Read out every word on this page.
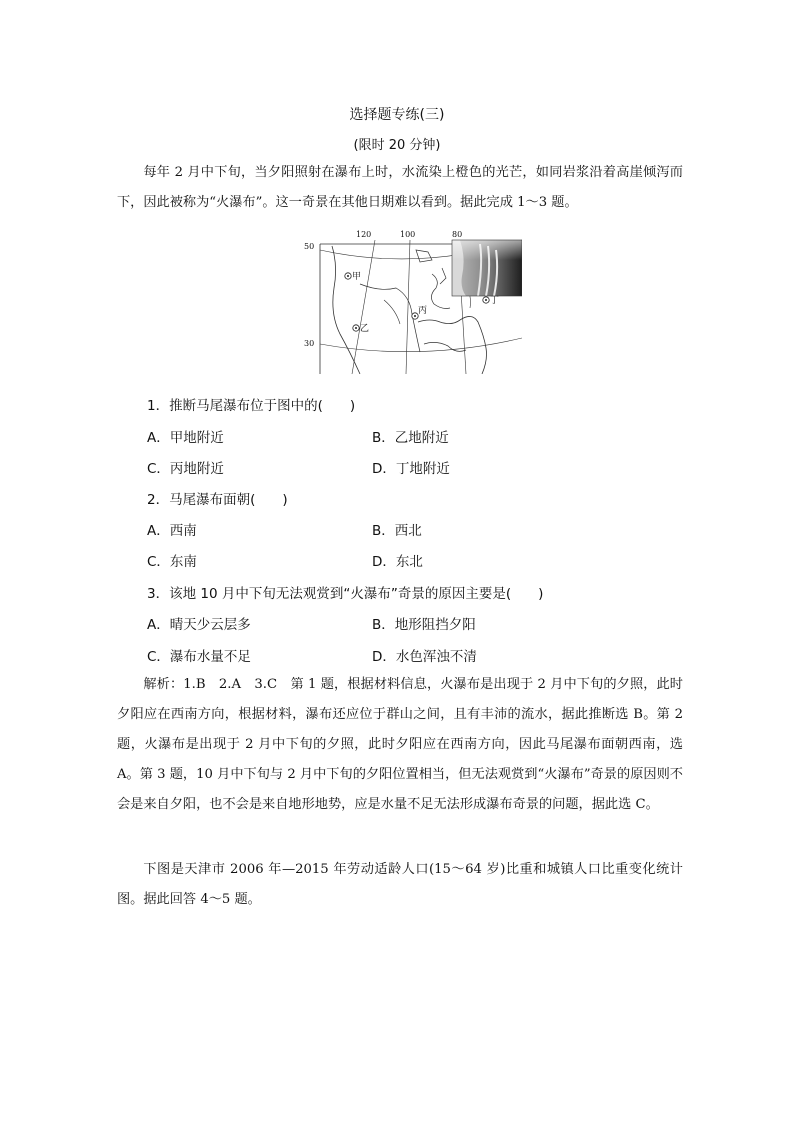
选择题专练(三)
(限时 20 分钟)

每年 2 月中下旬，当夕阳照射在瀑布上时，水流染上橙色的光芒，如同岩浆沿着高崖倾泻而下，因此被称为“火瀑布”。这一奇景在其他日期难以看到。据此完成 1～3 题。

甲
乙
丙
丁
50
30
120	100	80
1．推断马尾瀑布位于图中的(　　)
A．甲地附近	B．乙地附近
C．丙地附近	D．丁地附近
2．马尾瀑布面朝(　　)
A．西南	B．西北
C．东南	D．东北
3．该地 10 月中下旬无法观赏到“火瀑布”奇景的原因主要是(　　)
A．晴天少云层多	B．地形阻挡夕阳
C．瀑布水量不足	D．水色浑浊不清

解析：1.B　2.A　3.C　第 1 题，根据材料信息，火瀑布是出现于 2 月中下旬的夕照，此时夕阳应在西南方向，根据材料，瀑布还应位于群山之间，且有丰沛的流水，据此推断选 B。第 2 题，火瀑布是出现于 2 月中下旬的夕照，此时夕阳应在西南方向，因此马尾瀑布面朝西南，选 A。第 3 题，10 月中下旬与 2 月中下旬的夕阳位置相当，但无法观赏到“火瀑布”奇景的原因则不会是来自夕阳，也不会是来自地形地势，应是水量不足无法形成瀑布奇景的问题，据此选 C。

下图是天津市 2006 年—2015 年劳动适龄人口(15～64 岁)比重和城镇人口比重变化统计图。据此回答 4～5 题。
